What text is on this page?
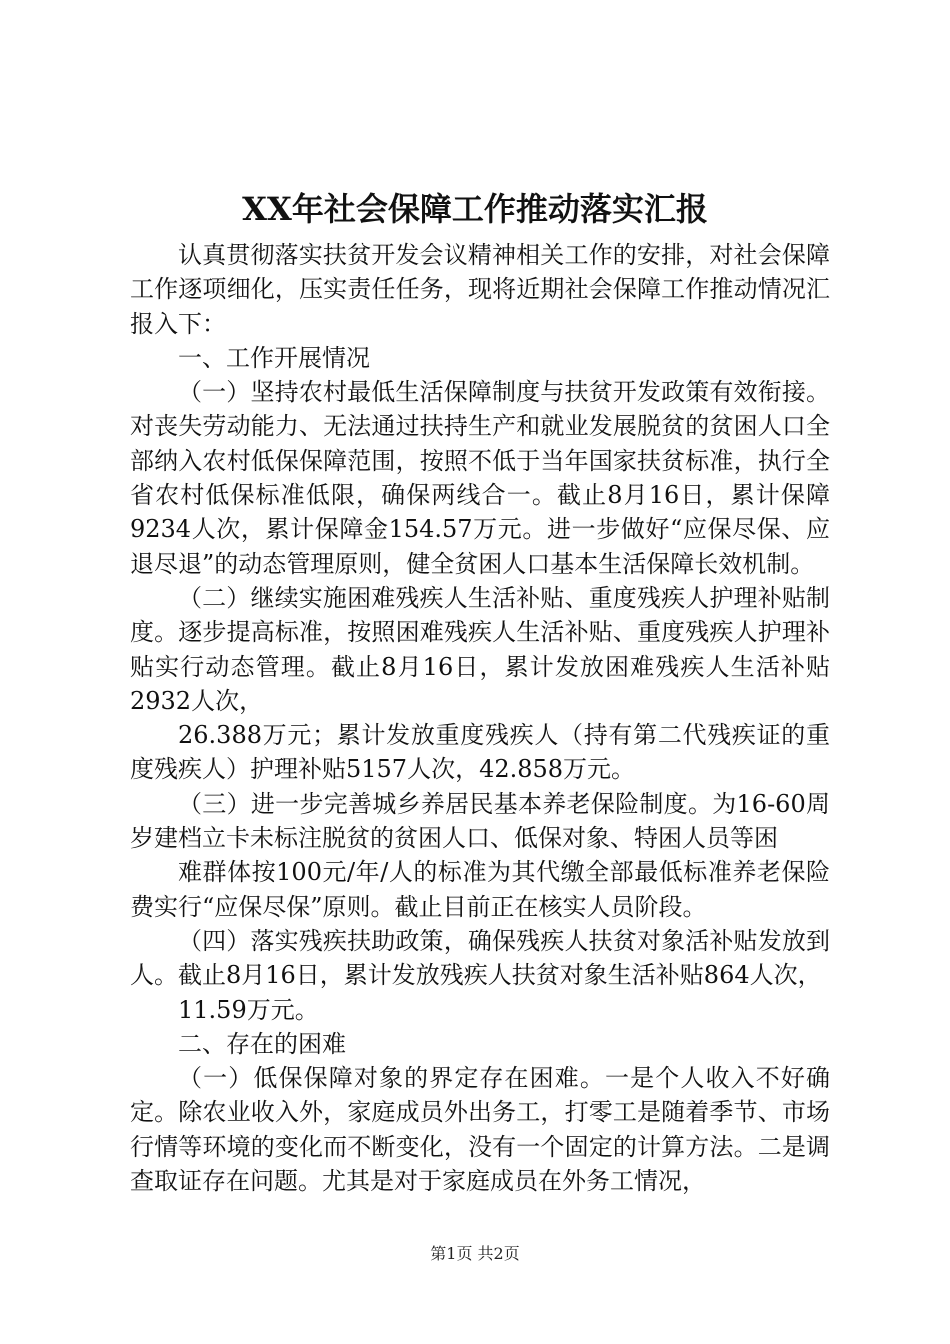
XX年社会保障工作推动落实汇报

认真贯彻落实扶贫开发会议精神相关工作的安排，对社会保障工作逐项细化，压实责任任务，现将近期社会保障工作推动情况汇报入下：

一、工作开展情况

（一）坚持农村最低生活保障制度与扶贫开发政策有效衔接。对丧失劳动能力、无法通过扶持生产和就业发展脱贫的贫困人口全部纳入农村低保保障范围，按照不低于当年国家扶贫标准，执行全省农村低保标准低限，确保两线合一。截止8月16日，累计保障9234人次，累计保障金154.57万元。进一步做好“应保尽保、应退尽退”的动态管理原则，健全贫困人口基本生活保障长效机制。

（二）继续实施困难残疾人生活补贴、重度残疾人护理补贴制度。逐步提高标准，按照困难残疾人生活补贴、重度残疾人护理补贴实行动态管理。截止8月16日，累计发放困难残疾人生活补贴2932人次，

26.388万元；累计发放重度残疾人（持有第二代残疾证的重度残疾人）护理补贴5157人次，42.858万元。

（三）进一步完善城乡养居民基本养老保险制度。为16-60周岁建档立卡未标注脱贫的贫困人口、低保对象、特困人员等困

难群体按100元/年/人的标准为其代缴全部最低标准养老保险费实行“应保尽保”原则。截止目前正在核实人员阶段。

（四）落实残疾扶助政策，确保残疾人扶贫对象活补贴发放到人。截止8月16日，累计发放残疾人扶贫对象生活补贴864人次，

11.59万元。

二、存在的困难

（一）低保保障对象的界定存在困难。一是个人收入不好确定。除农业收入外，家庭成员外出务工，打零工是随着季节、市场行情等环境的变化而不断变化，没有一个固定的计算方法。二是调查取证存在问题。尤其是对于家庭成员在外务工情况，

第1页 共2页
